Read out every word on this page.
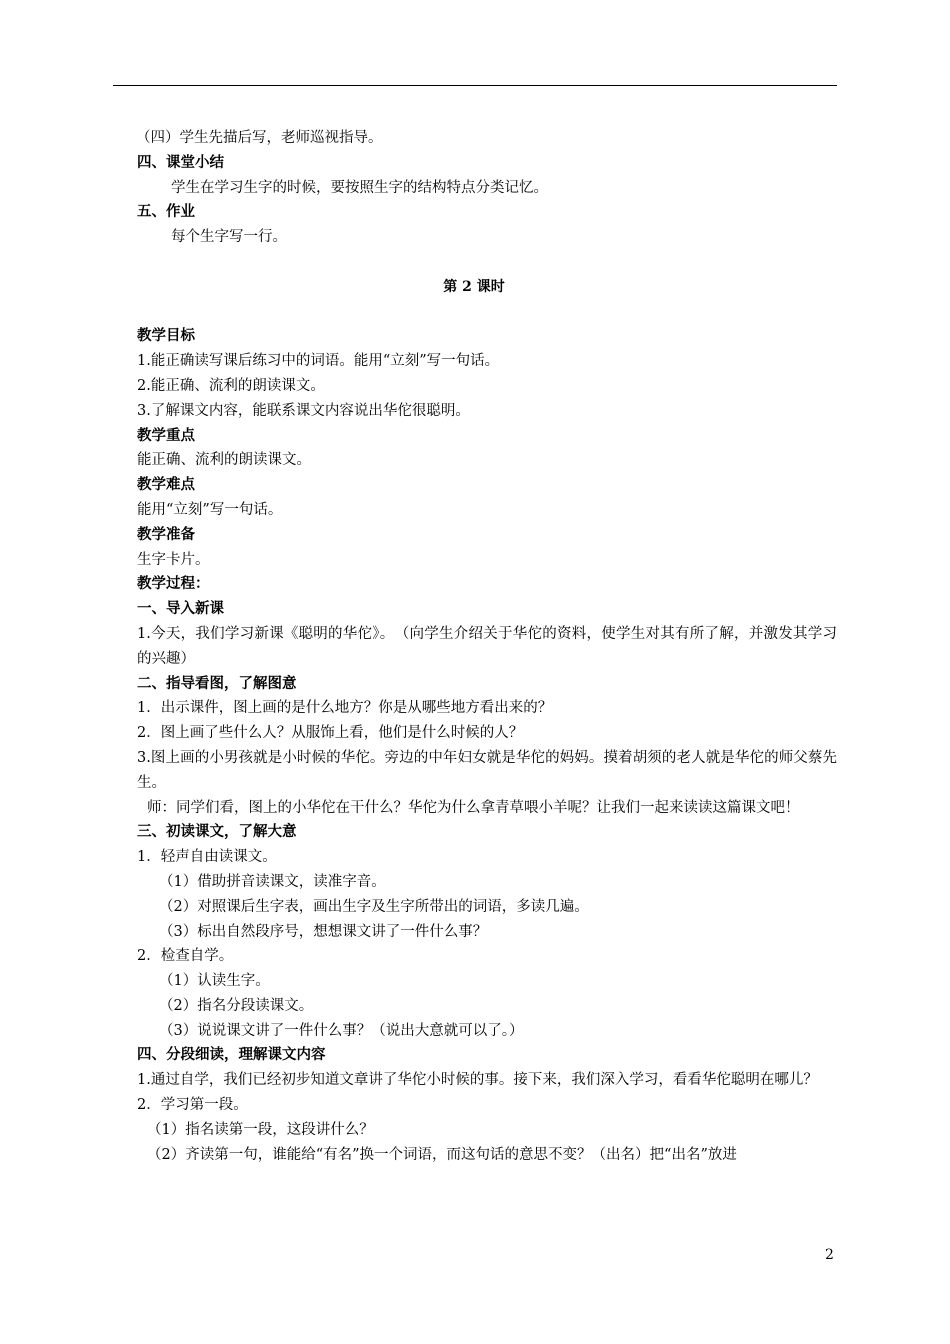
（四）学生先描后写，老师巡视指导。
四、课堂小结
学生在学习生字的时候，要按照生字的结构特点分类记忆。
五、作业
每个生字写一行。
第 2 课时
教学目标
1.能正确读写课后练习中的词语。能用“立刻”写一句话。
2.能正确、流利的朗读课文。
3.了解课文内容，能联系课文内容说出华佗很聪明。
教学重点
能正确、流利的朗读课文。
教学难点
能用“立刻”写一句话。
教学准备
生字卡片。
教学过程：
一、导入新课
1.今天，我们学习新课《聪明的华佗》。　（向学生介绍关于华佗的资料，使学生对其有所了解，并激发其学习的兴趣）
二、指导看图，了解图意
1．出示课件，图上画的是什么地方？你是从哪些地方看出来的？
2．图上画了些什么人？从服饰上看，他们是什么时候的人？
3.图上画的小男孩就是小时候的华佗。旁边的中年妇女就是华佗的妈妈。摸着胡须的老人就是华佗的师父蔡先生。
师：同学们看，图上的小华佗在干什么？华佗为什么拿青草喂小羊呢？让我们一起来读读这篇课文吧！
三、初读课文，了解大意
1．轻声自由读课文。
（1）借助拼音读课文，读准字音。
（2）对照课后生字表，画出生字及生字所带出的词语，多读几遍。
（3）标出自然段序号，想想课文讲了一件什么事？
2．检查自学。
（1）认读生字。
（2）指名分段读课文。
（3）说说课文讲了一件什么事？（说出大意就可以了。）
四、分段细读，理解课文内容
1.通过自学，我们已经初步知道文章讲了华佗小时候的事。接下来，我们深入学习，看看华佗聪明在哪儿？
2．学习第一段。
（1）指名读第一段，这段讲什么？
（2）齐读第一句，谁能给“有名”换一个词语，而这句话的意思不变？（出名）把“出名”放进
2
